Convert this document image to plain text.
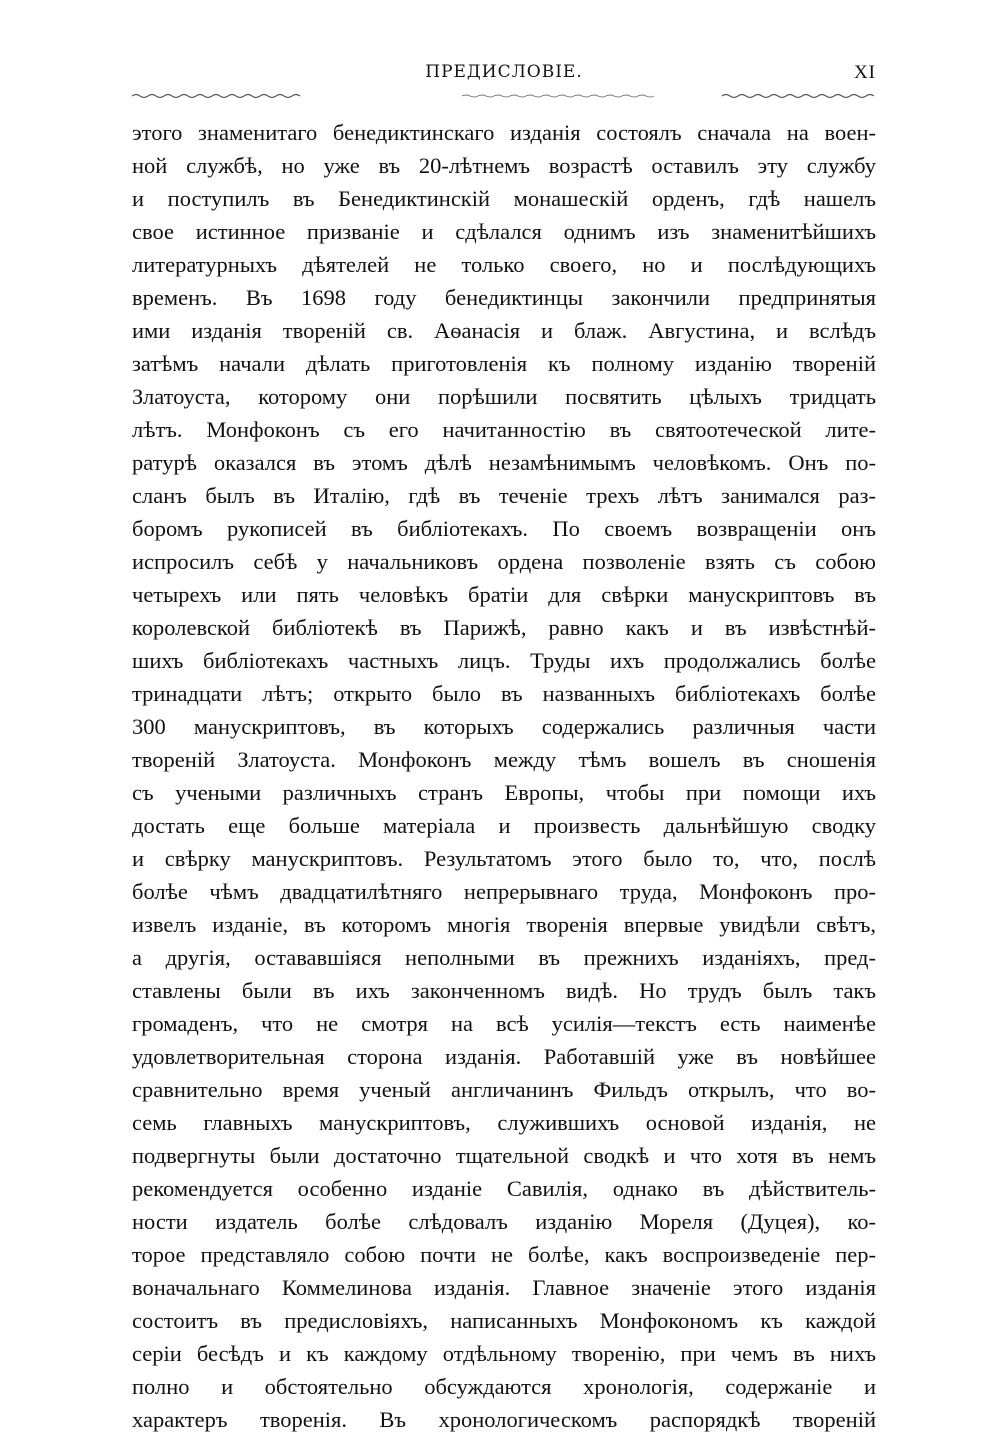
ПРЕДИСЛОВІЕ.	XI
этого знаменитаго бенедиктинскаго изданія состоялъ сначала на воен-
ной службѣ, но уже въ 20-лѣтнемъ возрастѣ оставилъ эту службу
и поступилъ въ Бенедиктинскій монашескій орденъ, гдѣ нашелъ
свое истинное призваніе и сдѣлался однимъ изъ знаменитѣйшихъ
литературныхъ дѣятелей не только своего, но и послѣдующихъ
временъ. Въ 1698 году бенедиктинцы закончили предпринятыя
ими изданія твореній св. Аѳанасія и блаж. Августина, и вслѣдъ
затѣмъ начали дѣлать приготовленія къ полному изданію твореній
Златоуста, которому они порѣшили посвятить цѣлыхъ тридцать
лѣтъ. Монфоконъ съ его начитанностію въ святоотеческой лите-
ратурѣ оказался въ этомъ дѣлѣ незамѣнимымъ человѣкомъ. Онъ по-
сланъ былъ въ Италію, гдѣ въ теченіе трехъ лѣтъ занимался раз-
боромъ рукописей въ библіотекахъ. По своемъ возвращеніи онъ
испросилъ себѣ у начальниковъ ордена позволеніе взять съ собою
четырехъ или пять человѣкъ братіи для свѣрки манускриптовъ въ
королевской библіотекѣ въ Парижѣ, равно какъ и въ извѣстнѣй-
шихъ библіотекахъ частныхъ лицъ. Труды ихъ продолжались болѣе
тринадцати лѣтъ; открыто было въ названныхъ библіотекахъ болѣе
300 манускриптовъ, въ которыхъ содержались различныя части
твореній Златоуста. Монфоконъ между тѣмъ вошелъ въ сношенія
съ учеными различныхъ странъ Европы, чтобы при помощи ихъ
достать еще больше матеріала и произвесть дальнѣйшую сводку
и свѣрку манускриптовъ. Результатомъ этого было то, что, послѣ
болѣе чѣмъ двадцатилѣтняго непрерывнаго труда, Монфоконъ про-
извелъ изданіе, въ которомъ многія творенія впервые увидѣли свѣтъ,
а другія, остававшіяся неполными въ прежнихъ изданіяхъ, пред-
ставлены были въ ихъ законченномъ видѣ. Но трудъ былъ такъ
громаденъ, что не смотря на всѣ усилія—текстъ есть наименѣе
удовлетворительная сторона изданія. Работавшій уже въ новѣйшее
сравнительно время ученый англичанинъ Фильдъ открылъ, что во-
семь главныхъ манускриптовъ, служившихъ основой изданія, не
подвергнуты были достаточно тщательной сводкѣ и что хотя въ немъ
рекомендуется особенно изданіе Савилія, однако въ дѣйствитель-
ности издатель болѣе слѣдовалъ изданію Мореля (Дуцея), ко-
торое представляло собою почти не болѣе, какъ воспроизведеніе пер-
воначальнаго Коммелинова изданія. Главное значеніе этого изданія
состоитъ въ предисловіяхъ, написанныхъ Монфокономъ къ каждой
серіи бесѣдъ и къ каждому отдѣльному творенію, при чемъ въ нихъ
полно и обстоятельно обсуждаются хронологія, содержаніе и
характеръ творенія. Въ хронологическомъ распорядкѣ твореній
